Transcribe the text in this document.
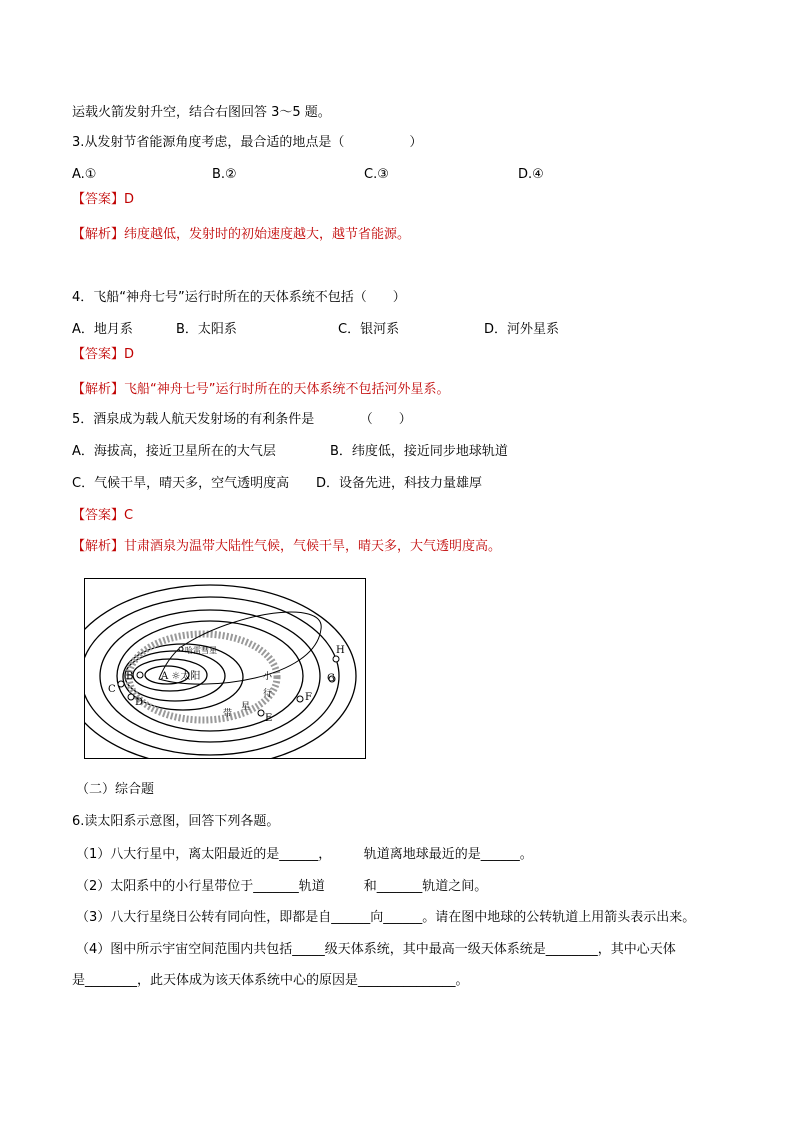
运载火箭发射升空，结合右图回答 3～5 题。
3.从发射节省能源角度考虑，最合适的地点是（　　　　　）
A.①	B.②	C.③	D.④
【答案】D
【解析】纬度越低，发射时的初始速度越大，越节省能源。
4．飞船“神舟七号”运行时所在的天体系统不包括（　　）
A．地月系	B．太阳系	C．银河系	D．河外星系
【答案】D
【解析】飞船“神舟七号”运行时所在的天体系统不包括河外星系。
5．酒泉成为载人航天发射场的有利条件是　　　　（　　）
A．海拔高，接近卫星所在的大气层	B．纬度低，接近同步地球轨道
C．气候干旱，晴天多，空气透明度高 D．设备先进，科技力量雄厚
【答案】C
【解析】甘肃酒泉为温带大陆性气候，气候干旱，晴天多，大气透明度高。
A ☼太阳
哈雷彗星
小
行
星
带
B
C
D
E
F
G
H
（二）综合题
6.读太阳系示意图，回答下列各题。
（1）八大行星中，离太阳最近的是______，　　　轨道离地球最近的是______。
（2）太阳系中的小行星带位于_______轨道　　　和_______轨道之间。
（3）八大行星绕日公转有同向性，即都是自______向______。请在图中地球的公转轨道上用箭头表示出来。
（4）图中所示宇宙空间范围内共包括_____级天体系统，其中最高一级天体系统是________，其中心天体
是________，此天体成为该天体系统中心的原因是_______________。
